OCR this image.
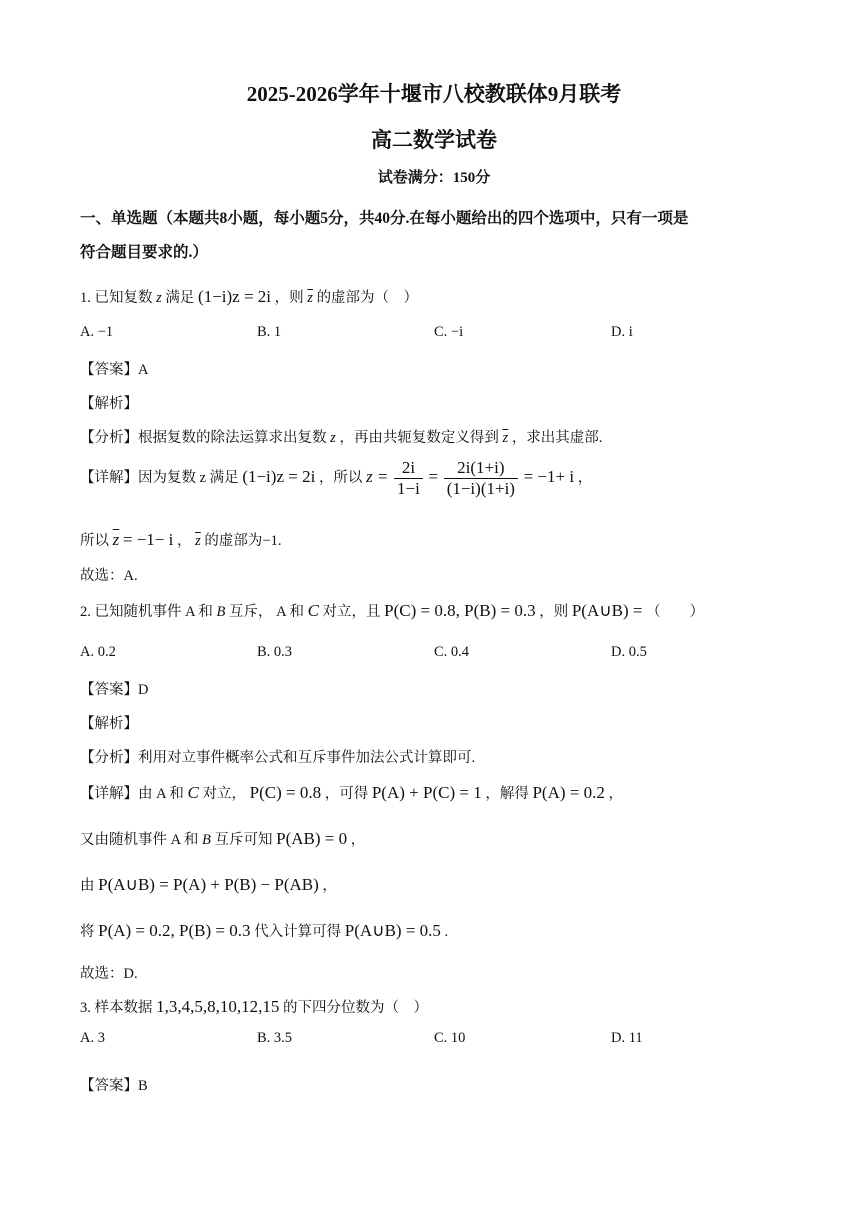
2025-2026学年十堰市八校教联体9月联考
高二数学试卷
试卷满分：150分
一、单选题（本题共8小题，每小题5分，共40分.在每小题给出的四个选项中，只有一项是
符合题目要求的.）
1. 已知复数 z 满足 (1−i)z = 2i ，则 $\overline{z}$ 的虚部为（　）
A. −1	B. 1	C. −i	D. i
【答案】A
【解析】
【分析】根据复数的除法运算求出复数 z ，再由共轭复数定义得到 $\overline{z}$ ，求出其虚部.
【详解】因为复数 z 满足 (1−i)z = 2i ，所以 $z = \frac{2i}{1-i} = \frac{2i(1+i)}{(1-i)(1+i)} = -1+ i$ ，
所以 $\overline{z} = -1- i$ ， $\overline{z}$ 的虚部为−1.
故选：A.
2. 已知随机事件 A 和 B 互斥， A 和 C 对立，且 P(C) = 0.8, P(B) = 0.3 ，则 P(A∪B) = （　　）
A. 0.2	B. 0.3	C. 0.4	D. 0.5
【答案】D
【解析】
【分析】利用对立事件概率公式和互斥事件加法公式计算即可.
【详解】由 A 和 C 对立， P(C) = 0.8 ，可得 P(A) + P(C) = 1 ，解得 P(A) = 0.2 ，
又由随机事件 A 和 B 互斥可知 P(AB) = 0 ，
由 P(A∪B) = P(A) + P(B) − P(AB) ，
将 P(A) = 0.2, P(B) = 0.3 代入计算可得 P(A∪B) = 0.5 .
故选：D.
3. 样本数据 1,3,4,5,8,10,12,15 的下四分位数为（　）
A. 3	B. 3.5	C. 10	D. 11
【答案】B
